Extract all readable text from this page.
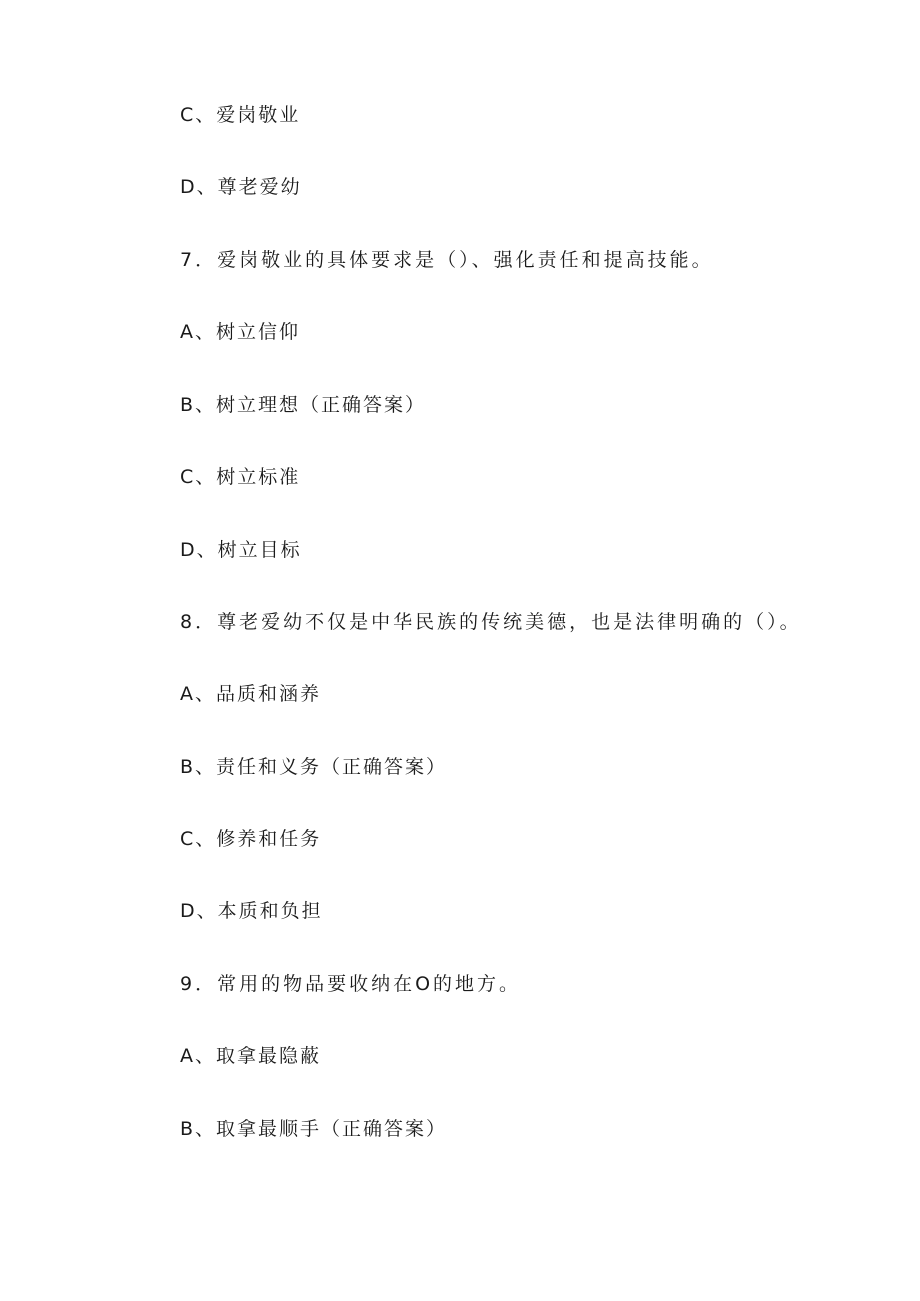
C、爱岗敬业
D、尊老爱幼
7．爱岗敬业的具体要求是（）、强化责任和提高技能。
A、树立信仰
B、树立理想（正确答案）
C、树立标准
D、树立目标
8．尊老爱幼不仅是中华民族的传统美德，也是法律明确的（）。
A、品质和涵养
B、责任和义务（正确答案）
C、修养和任务
D、本质和负担
9．常用的物品要收纳在O的地方。
A、取拿最隐蔽
B、取拿最顺手（正确答案）
